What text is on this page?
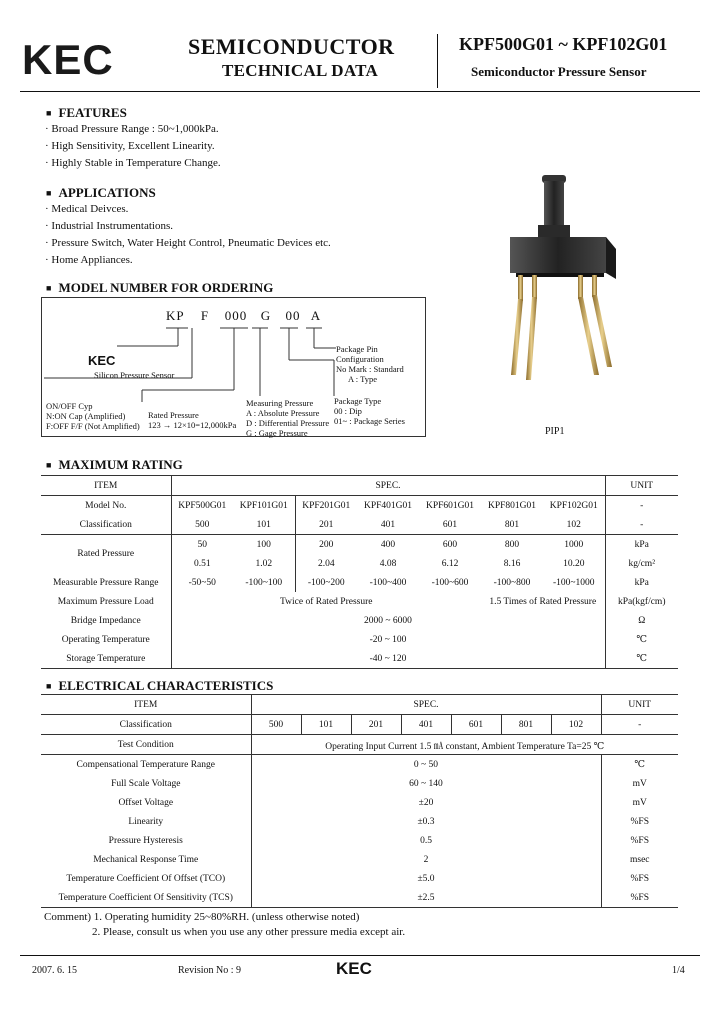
KEC	SEMICONDUCTOR
TECHNICAL DATA
KPF500G01 ~ KPF102G01
Semiconductor Pressure Sensor
■ FEATURES
· Broad Pressure Range : 50~1,000kPa.
· High Sensitivity, Excellent Linearity.
· Highly Stable in Temperature Change.
■ APPLICATIONS
· Medical Deivces.
· Industrial Instrumentations.
· Pressure Switch, Water Height Control, Pneumatic Devices etc.
· Home Appliances.
■ MODEL NUMBER FOR ORDERING
KP F 000 G 00 A
KEC
Silicon Pressure Sensor
Package Pin Configuration
No Mark : Standard
A : Type
ON/OFF Cyp
N:ON Cap (Amplified)
F:OFF F/F (Not Amplified)
Rated Pressure
123 → 12×10=12,000kPa
Measuring Pressure
A : Absolute Pressure
D : Differential Pressure
G : Gage Pressure
Package Type
00 : Dip
01~ : Package Series
PIP1
■ MAXIMUM RATING
ITEM	SPEC.							UNIT
Model No.	KPF500G01	KPF101G01	KPF201G01	KPF401G01	KPF601G01	KPF801G01	KPF102G01	-
Classification	500	101	201	401	601	801	102	-
Rated Pressure	50	100	200	400	600	800	1000	kPa
	0.51	1.02	2.04	4.08	6.12	8.16	10.20	kg/cm²
Measurable Pressure Range	-50~50	-100~100	-100~200	-100~400	-100~600	-100~800	-100~1000	kPa
Maximum Pressure Load	Twice of Rated Pressure					1.5 Times of Rated Pressure		kPa(kgf/cm)
Bridge Impedance	2000 ~ 6000							Ω
Operating Temperature	-20 ~ 100							℃
Storage Temperature	-40 ~ 120							℃
■ ELECTRICAL CHARACTERISTICS
ITEM	SPEC.							UNIT
Classification	500	101	201	401	601	801	102	-
Test Condition	Operating Input Current 1.5 ㎃ constant, Ambient Temperature Ta=25 ℃							
Compensational Temperature Range	0 ~ 50							℃
Full Scale Voltage	60 ~ 140							mV
Offset Voltage	±20							mV
Linearity	±0.3							%FS
Pressure Hysteresis	0.5							%FS
Mechanical Response Time	2							msec
Temperature Coefficient Of Offset (TCO)	±5.0							%FS
Temperature Coefficient Of Sensitivity (TCS)	±2.5							%FS
Comment) 1. Operating humidity 25~80%RH. (unless otherwise noted)
2. Please, consult us when you use any other pressure media except air.
2007. 6. 15	Revision No : 9	KEC	1/4
